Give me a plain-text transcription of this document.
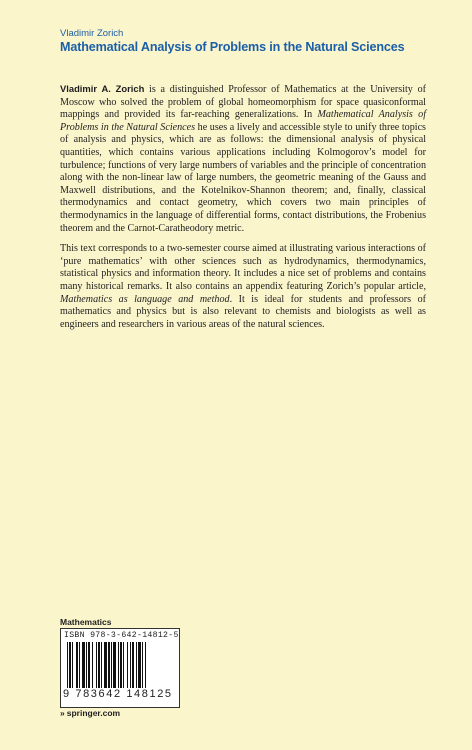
Vladimir Zorich
Mathematical Analysis of Problems in the Natural Sciences

Vladimir A. Zorich is a distinguished Professor of Mathematics at the University of Moscow who solved the problem of global homeomorphism for space quasiconformal mappings and provided its far-reaching generalizations. In Mathematical Analysis of Problems in the Natural Sciences he uses a lively and accessible style to unify three topics of analysis and physics, which are as follows: the dimensional analysis of physical quantities, which contains various applications including Kolmogorov’s model for turbulence; functions of very large numbers of variables and the principle of concentration along with the non-linear law of large numbers, the geometric meaning of the Gauss and Maxwell distributions, and the Kotelnikov-Shannon theorem; and, finally, classical thermodynamics and contact geometry, which covers two main principles of thermodynamics in the language of differential forms, contact distributions, the Frobenius theorem and the Carnot-Caratheodory metric.

This text corresponds to a two-semester course aimed at illustrating various interactions of ‘pure mathematics’ with other sciences such as hydrodynamics, thermodynamics, statistical physics and information theory. It includes a nice set of problems and contains many historical remarks. It also contains an appendix featuring Zorich’s popular article, Mathematics as language and method. It is ideal for students and professors of mathematics and physics but is also relevant to chemists and biologists as well as engineers and researchers in various areas of the natural sciences.

Mathematics
ISBN 978-3-642-14812-5
9 783642 148125
» springer.com
